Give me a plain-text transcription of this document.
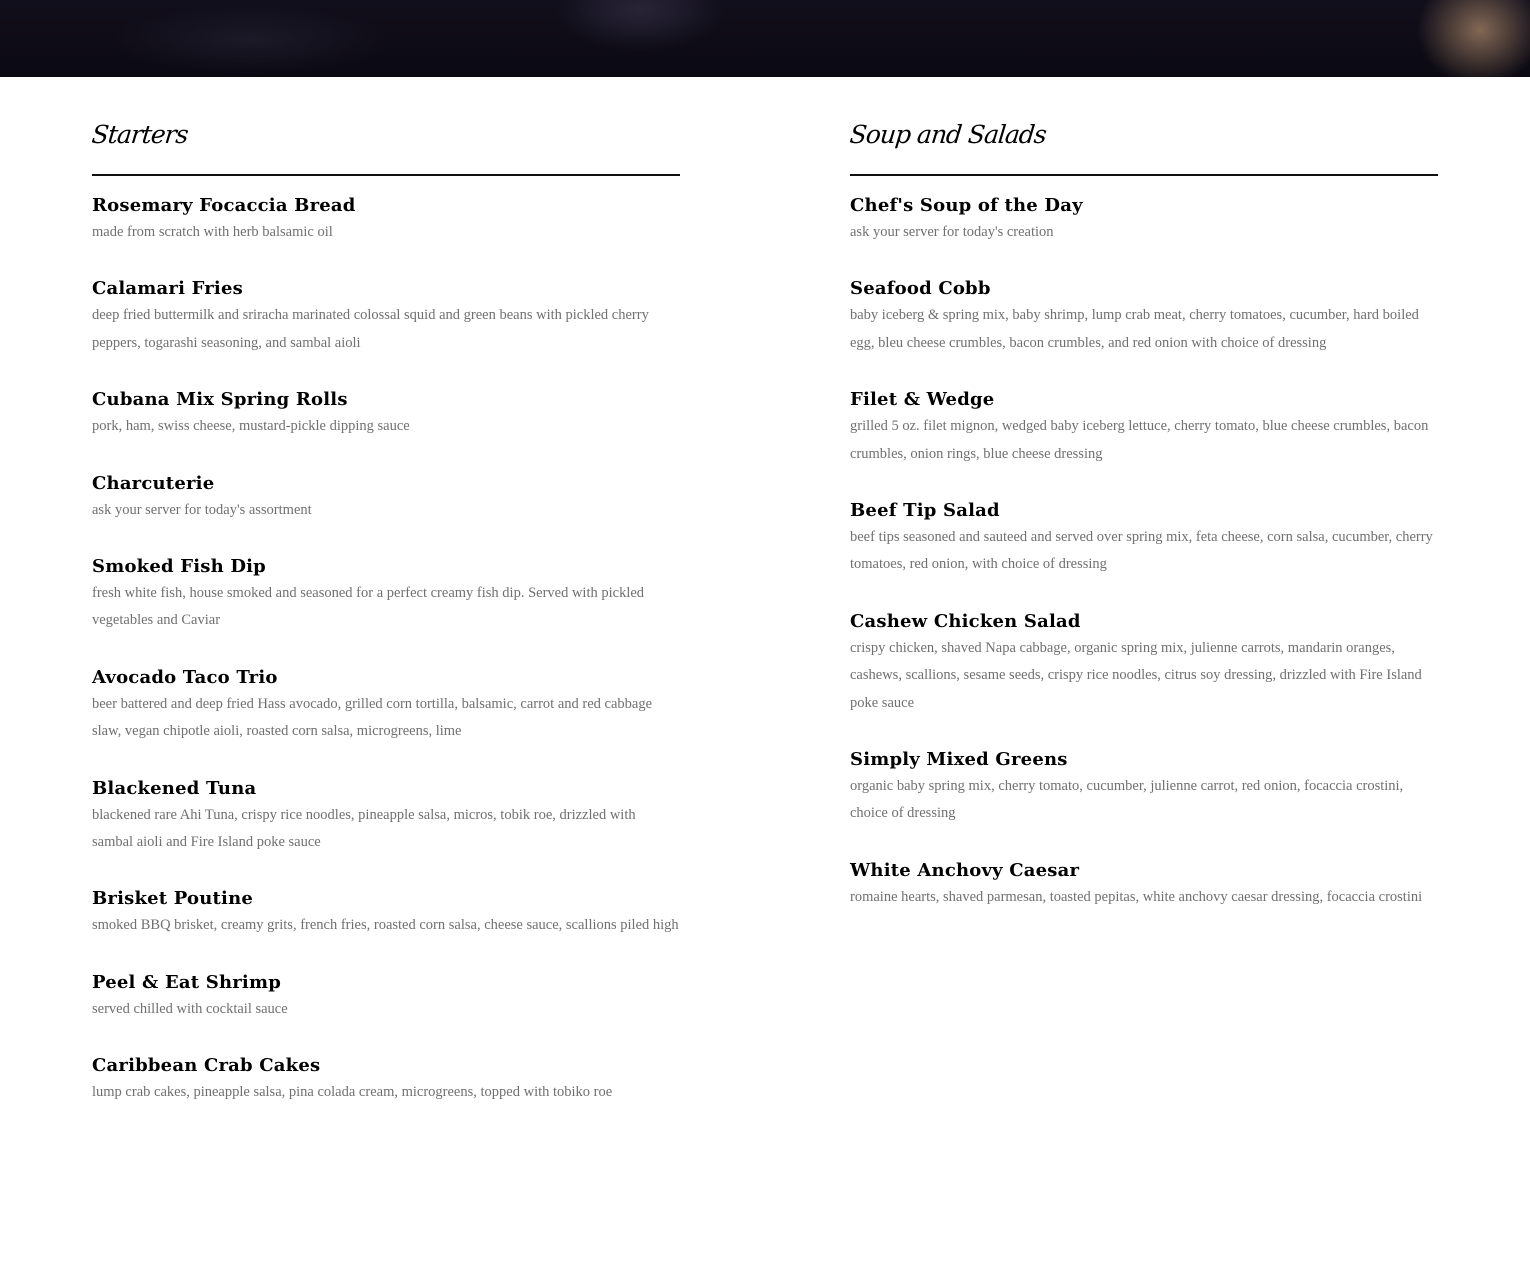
Starters
Rosemary Focaccia Bread
made from scratch with herb balsamic oil
Calamari Fries
deep fried buttermilk and sriracha marinated colossal squid and green beans with pickled cherry peppers, togarashi seasoning, and sambal aioli
Cubana Mix Spring Rolls
pork, ham, swiss cheese, mustard-pickle dipping sauce
Charcuterie
ask your server for today's assortment
Smoked Fish Dip
fresh white fish, house smoked and seasoned for a perfect creamy fish dip. Served with pickled vegetables and Caviar
Avocado Taco Trio
beer battered and deep fried Hass avocado, grilled corn tortilla, balsamic, carrot and red cabbage slaw, vegan chipotle aioli, roasted corn salsa, microgreens, lime
Blackened Tuna
blackened rare Ahi Tuna, crispy rice noodles, pineapple salsa, micros, tobik roe, drizzled with sambal aioli and Fire Island poke sauce
Brisket Poutine
smoked BBQ brisket, creamy grits, french fries, roasted corn salsa, cheese sauce, scallions piled high
Peel & Eat Shrimp
served chilled with cocktail sauce
Caribbean Crab Cakes
lump crab cakes, pineapple salsa, pina colada cream, microgreens, topped with tobiko roe
Soup and Salads
Chef's Soup of the Day
ask your server for today's creation
Seafood Cobb
baby iceberg & spring mix, baby shrimp, lump crab meat, cherry tomatoes, cucumber, hard boiled egg, bleu cheese crumbles, bacon crumbles, and red onion with choice of dressing
Filet & Wedge
grilled 5 oz. filet mignon, wedged baby iceberg lettuce, cherry tomato, blue cheese crumbles, bacon crumbles, onion rings, blue cheese dressing
Beef Tip Salad
beef tips seasoned and sauteed and served over spring mix, feta cheese, corn salsa, cucumber, cherry tomatoes, red onion, with choice of dressing
Cashew Chicken Salad
crispy chicken, shaved Napa cabbage, organic spring mix, julienne carrots, mandarin oranges, cashews, scallions, sesame seeds, crispy rice noodles, citrus soy dressing, drizzled with Fire Island poke sauce
Simply Mixed Greens
organic baby spring mix, cherry tomato, cucumber, julienne carrot, red onion, focaccia crostini, choice of dressing
White Anchovy Caesar
romaine hearts, shaved parmesan, toasted pepitas, white anchovy caesar dressing, focaccia crostini
